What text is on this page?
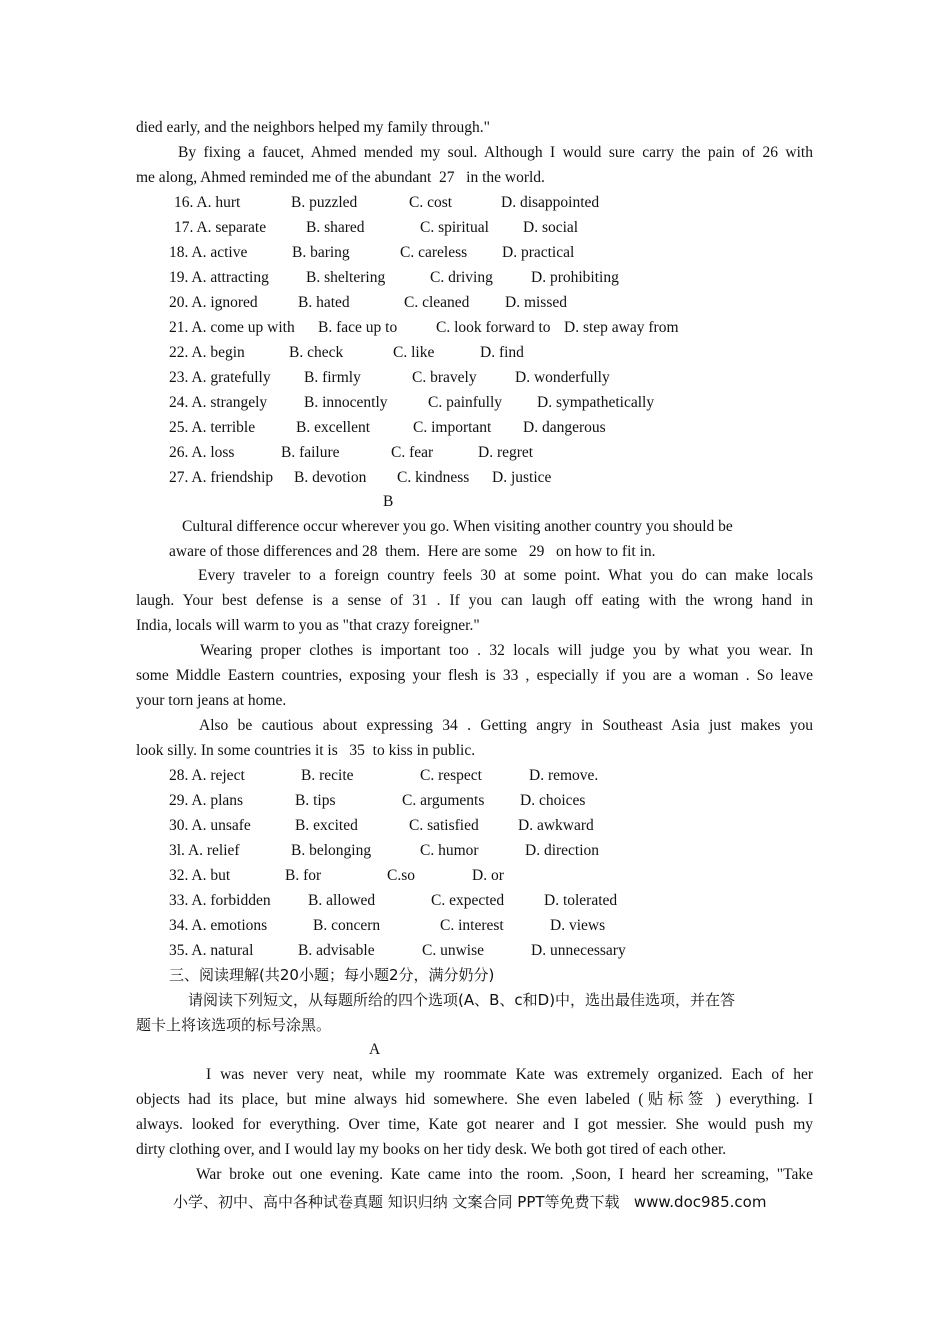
died early, and the neighbors helped my family through."
By fixing a faucet, Ahmed mended my soul. Although I would sure carry the pain of 26 with
me along, Ahmed reminded me of the abundant  27   in the world.
16. A. hurt	B. puzzled	C. cost	D. disappointed
17. A. separate	B. shared	C. spiritual D. social
18. A. active	B. baring	C. careless D. practical
19. A. attracting B. sheltering	C. driving D. prohibiting
20. A. ignored	B. hated	C. cleaned D. missed
21. A. come up with B. face up to	C. look forward to D. step away from
22. A. begin	B. check	C. like	D. find
23. A. gratefully B. firmly	C. bravely D. wonderfully
24. A. strangely B. innocently	C. painfully D. sympathetically
25. A. terrible	B. excellent	C. important D. dangerous
26. A. loss	B. failure	C. fear	D. regret
27. A. friendship B. devotion C. kindness D. justice
B
Cultural difference occur wherever you go. When visiting another country you should be
aware of those differences and 28  them.  Here are some   29   on how to fit in.
Every traveler to a foreign country feels 30 at some point. What you do can make locals
laugh. Your best defense is a sense of 31 . If you can laugh off eating with the wrong hand in
India, locals will warm to you as "that crazy foreigner."
Wearing proper clothes is important too . 32 locals will judge you by what you wear. In
some Middle Eastern countries, exposing your flesh is 33 , especially if you are a woman . So leave
your torn jeans at home.
Also be cautious about expressing 34 . Getting angry in Southeast Asia just makes you
look silly. In some countries it is   35  to kiss in public.
28. A. reject	B. recite	C. respect	D. remove.
29. A. plans	B. tips	C. arguments D. choices
30. A. unsafe	B. excited	C. satisfied	D. awkward
3l. A. relief	B. belonging	C. humor	D. direction
32. A. but	B. for	C.so	D. or
33. A. forbidden B. allowed	C. expected	D. tolerated
34. A. emotions	B. concern	C. interest	D. views
35. A. natural	B. advisable	C. unwise	D. unnecessary
三、阅读理解(共20小题；每小题2分，满分奶分)
请阅读下列短文，从每题所给的四个选项(A、B、c和D)中，选出最佳选项，并在答
题卡上将该选项的标号涂黑。
A
I was never very neat, while my roommate Kate was extremely organized. Each of her
objects had its place, but mine always hid somewhere. She even labeled (贴标签 ) everything. I
always. looked for everything. Over time, Kate got nearer and I got messier. She would push my
dirty clothing over, and I would lay my books on her tidy desk. We both got tired of each other.
War broke out one evening. Kate came into the room. ,Soon, I heard her screaming, "Take
小学、初中、高中各种试卷真题 知识归纳 文案合同 PPT等免费下载   www.doc985.com
